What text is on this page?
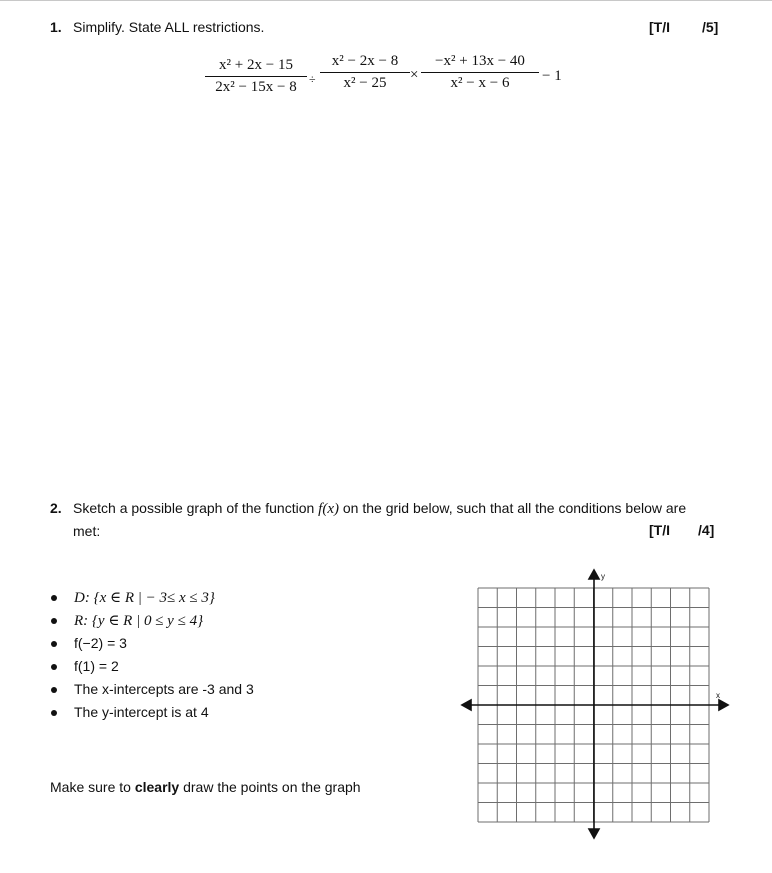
1. Simplify. State ALL restrictions.	[T/I /5]
$\frac{\text{x² + 2x − 15}}{\text{2x² − 15x − 8}} \div \frac{\text{x² − 2x − 8}}{\text{x² − 25}} \times \frac{\text{−x² + 13x − 40}}{\text{x² − x − 6}} - 1$
2. Sketch a possible graph of the function f(x) on the grid below, such that all the conditions below are
met:	[T/I /4]
D: {x ∈ R | − 3≤ x ≤ 3}
R: {y ∈ R | 0 ≤ y ≤ 4}
f(−2) = 3
f(1) = 2
The x-intercepts are -3 and 3
The y-intercept is at 4
Make sure to clearly draw the points on the graph
x
y
